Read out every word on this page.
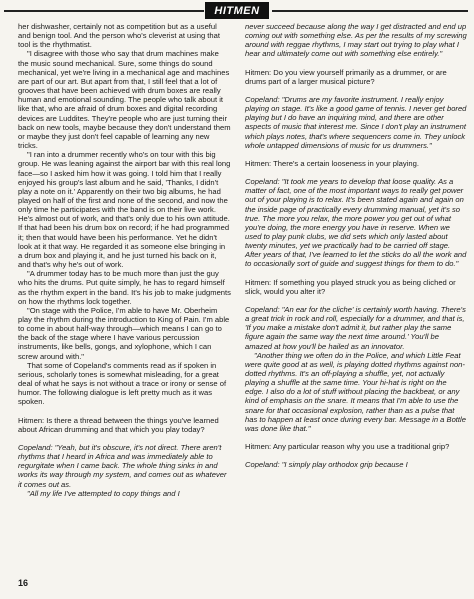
HITMEN

her dishwasher, certainly not as competition but as a useful and benign tool. And the person who's cleverist at using that tool is the rhythmatist.

"I disagree with those who say that drum machines make the music sound mechanical. Sure, some things do sound mechanical, yet we're living in a mechanical age and machines are part of our art. But apart from that, I still feel that a lot of grooves that have been achieved with drum boxes are really human and emotional sounding. The people who talk about it like that, who are afraid of drum boxes and digital recording devices are Luddites. They're people who are just turning their back on new tools, maybe because they don't understand them or maybe they just don't feel capable of learning any new tricks.

"I ran into a drummer recently who's on tour with this big group. He was leaning against the airport bar with this real long face—so I asked him how it was going. I told him that I really enjoyed his group's last album and he said, 'Thanks, I didn't play a note on it.' Apparently on their two big albums, he had played on half of the first and none of the second, and now the only time he participates with the band is on their live work. He's almost out of work, and that's only due to his own attitude. If that had been his drum box on record; if he had programmed it; then that would have been his performance. Yet he didn't look at it that way. He regarded it as someone else bringing in a drum box and playing it, and he just turned his back on it, and that's why he's out of work.

"A drummer today has to be much more than just the guy who hits the drums. Put quite simply, he has to regard himself as the rhythm expert in the band. It's his job to make judgments on how the rhythms lock together.

"On stage with the Police, I'm able to have Mr. Oberheim play the rhythm during the introduction to King of Pain. I'm able to come in about half-way through—which means I can go to the back of the stage where I have various percussion instruments, like bells, gongs, and xylophone, which I can screw around with."

That some of Copeland's comments read as if spoken in serious, scholarly tones is somewhat misleading, for a great deal of what he says is not without a trace or irony or sense of humor. The following dialogue is left pretty much as it was spoken.

Hitmen: Is there a thread between the things you've learned about African drumming and that which you play today?

Copeland: "Yeah, but it's obscure, it's not direct. There aren't rhythms that I heard in Africa and was immediately able to regurgitate when I came back. The whole thing sinks in and works its way through my system, and comes out as whatever it comes out as.

"All my life I've attempted to copy things and I

never succeed because along the way I get distracted and end up coming out with something else. As per the results of my screwing around with reggae rhythms, I may start out trying to play what I hear and ultimately come out with something else entirely."

Hitmen: Do you view yourself primarily as a drummer, or are drums part of a larger musical picture?

Copeland: "Drums are my favorite instrument. I really enjoy playing on stage. It's like a good game of tennis. I never get bored playing but I do have an inquiring mind, and there are other aspects of music that interest me. Since I don't play an instrument which plays notes, that's where sequencers come in. They unlock whole untapped dimensions of music for us drummers."

Hitmen: There's a certain looseness in your playing.

Copeland: "It took me years to develop that loose quality. As a matter of fact, one of the most important ways to really get power out of your playing is to relax. It's been stated again and again on the inside page of practically every drumming manual, yet it's so true. The more you relax, the more power you get out of what you're doing, the more energy you have in reserve. When we used to play punk clubs, we did sets which only lasted about twenty minutes, yet we practically had to be carried off stage. After years of that, I've learned to let the sticks do all the work and to occasionally sort of guide and suggest things for them to do."

Hitmen: If something you played struck you as being cliched or slick, would you alter it?

Copeland: "An ear for the cliche' is certainly worth having. There's a great trick in rock and roll, especially for a drummer, and that is, 'If you make a mistake don't admit it, but rather play the same figure again the same way the next time around.' You'll be amazed at how you'll be hailed as an innovator.

"Another thing we often do in the Police, and which Little Feat were quite good at as well, is playing dotted rhythms against non-dotted rhythms. It's an off-playing a shuffle, yet, not actually playing a shuffle at the same time. Your hi-hat is right on the edge. I also do a lot of stuff without placing the backbeat, or any kind of emphasis on the snare. It means that I'm able to use the snare for that occasional explosion, rather than as a pulse that has to happen at least once during every bar. Message in a Bottle was done like that."

Hitmen: Any particular reason why you use a traditional grip?

Copeland: "I simply play orthodox grip because I

16
